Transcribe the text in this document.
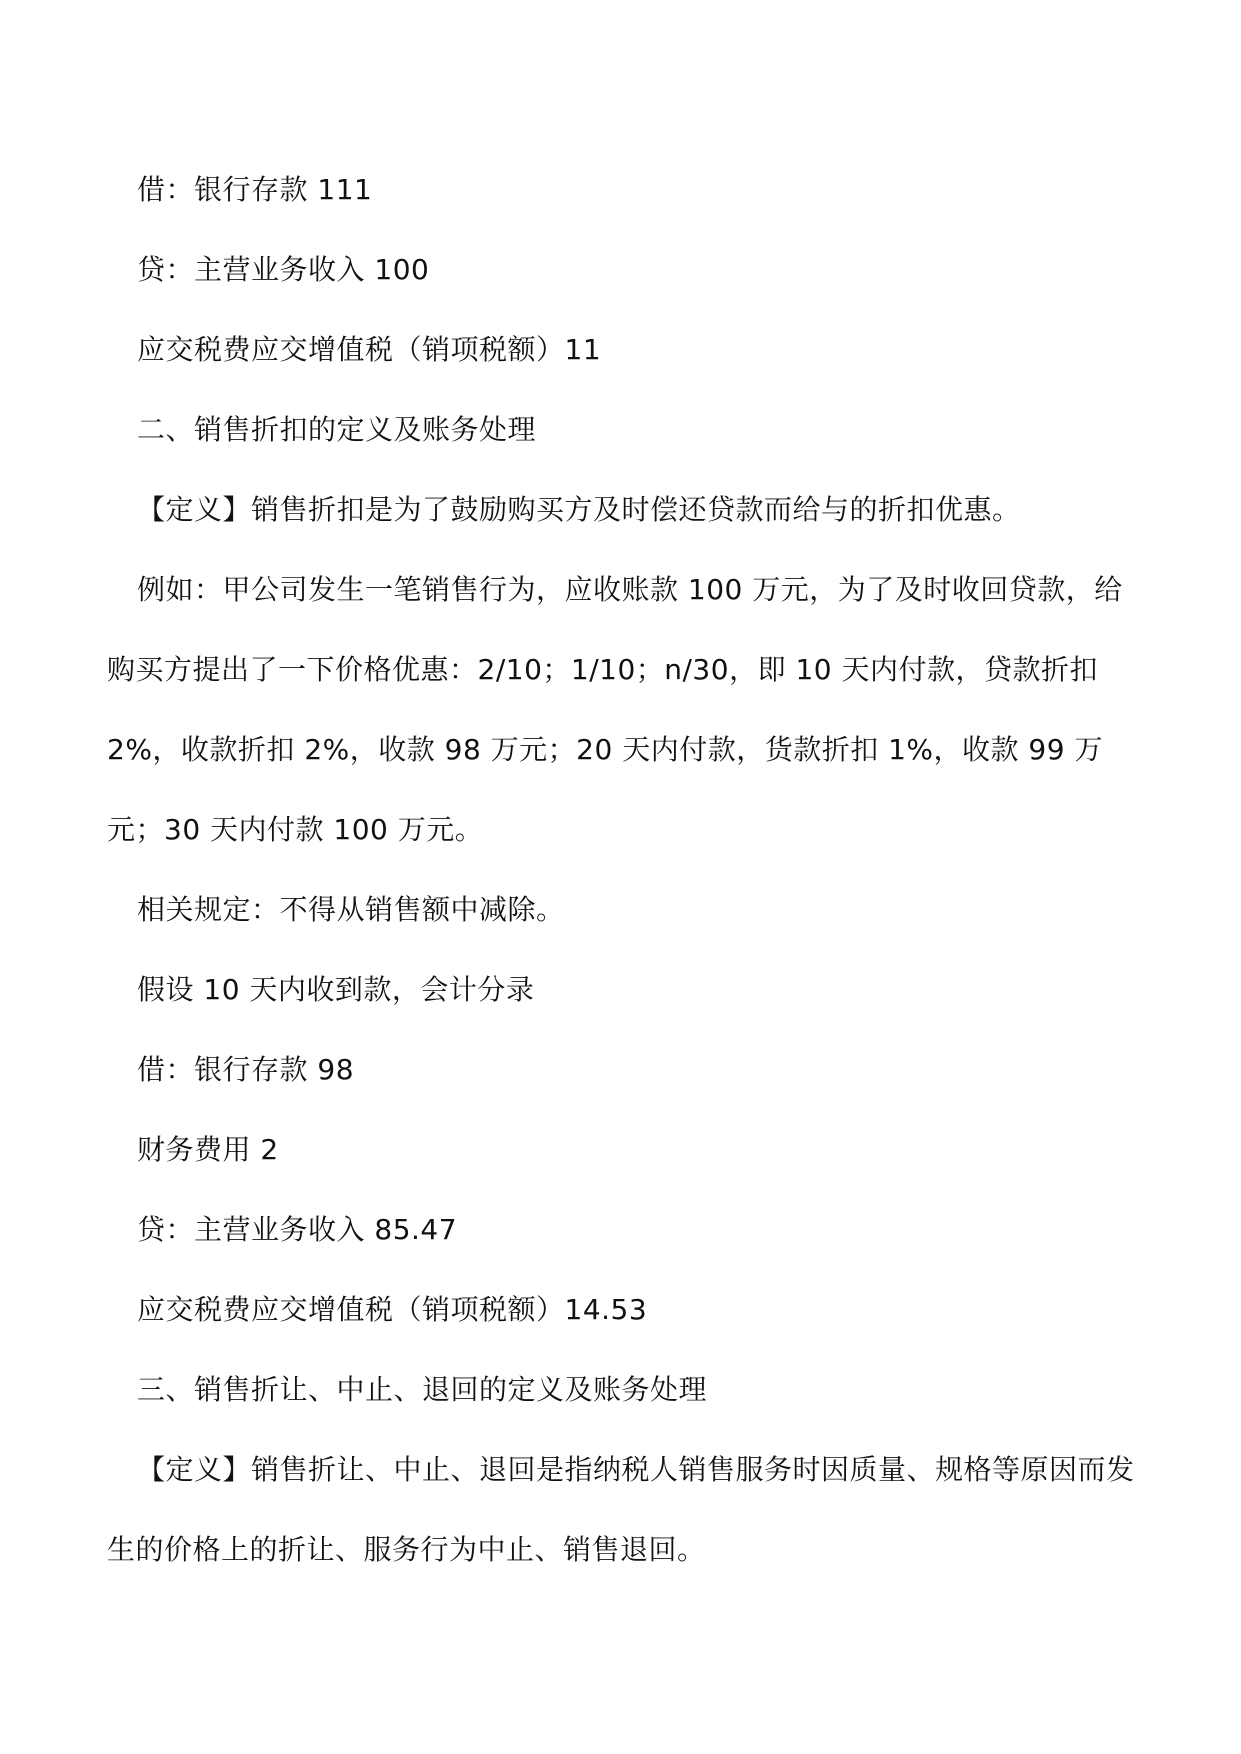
借：银行存款 111

贷：主营业务收入 100

应交税费应交增值税（销项税额）11

二、销售折扣的定义及账务处理

【定义】销售折扣是为了鼓励购买方及时偿还贷款而给与的折扣优惠。

例如：甲公司发生一笔销售行为，应收账款 100 万元，为了及时收回贷款，给购买方提出了一下价格优惠：2/10；1/10；n/30，即 10 天内付款，贷款折扣 2%，收款折扣 2%，收款 98 万元；20 天内付款，货款折扣 1%，收款 99 万元；30 天内付款 100 万元。

相关规定：不得从销售额中减除。

假设 10 天内收到款，会计分录

借：银行存款 98

财务费用 2

贷：主营业务收入 85.47

应交税费应交增值税（销项税额）14.53

三、销售折让、中止、退回的定义及账务处理

【定义】销售折让、中止、退回是指纳税人销售服务时因质量、规格等原因而发生的价格上的折让、服务行为中止、销售退回。
